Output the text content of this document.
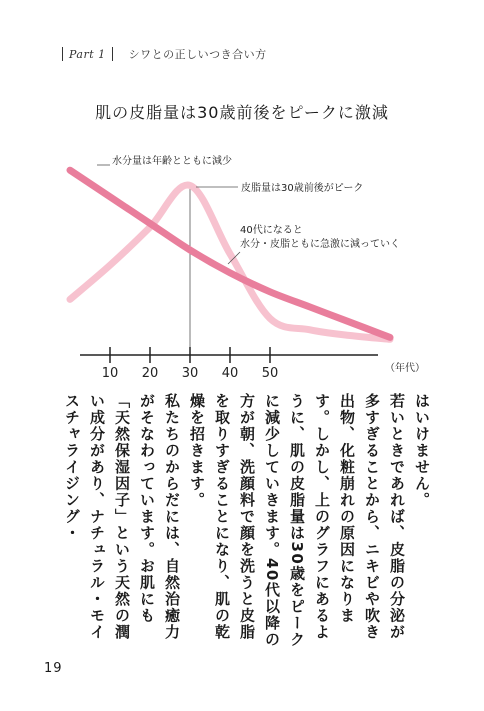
Part 1 シワとの正しいつき合い方
肌の皮脂量は30歳前後をピークに激減
10 20 30 40 50	（年代）
水分量は年齢とともに減少
皮脂量は30歳前後がピーク
40代になると
水分・皮脂ともに急激に減っていく

はいけません。

若いときであれば、皮脂の分泌が多すぎることから、ニキビや吹き出物、化粧崩れの原因になります。しかし、上のグラフにあるように、肌の皮脂量は30歳をピークに減少していきます。40代以降の方が朝、洗顔料で顔を洗うと皮脂を取りすぎることになり、肌の乾燥を招きます。

私たちのからだには、自然治癒力がそなわっています。お肌にも「天然保湿因子」という天然の潤い成分があり、ナチュラル・モイスチャライジング・

19
